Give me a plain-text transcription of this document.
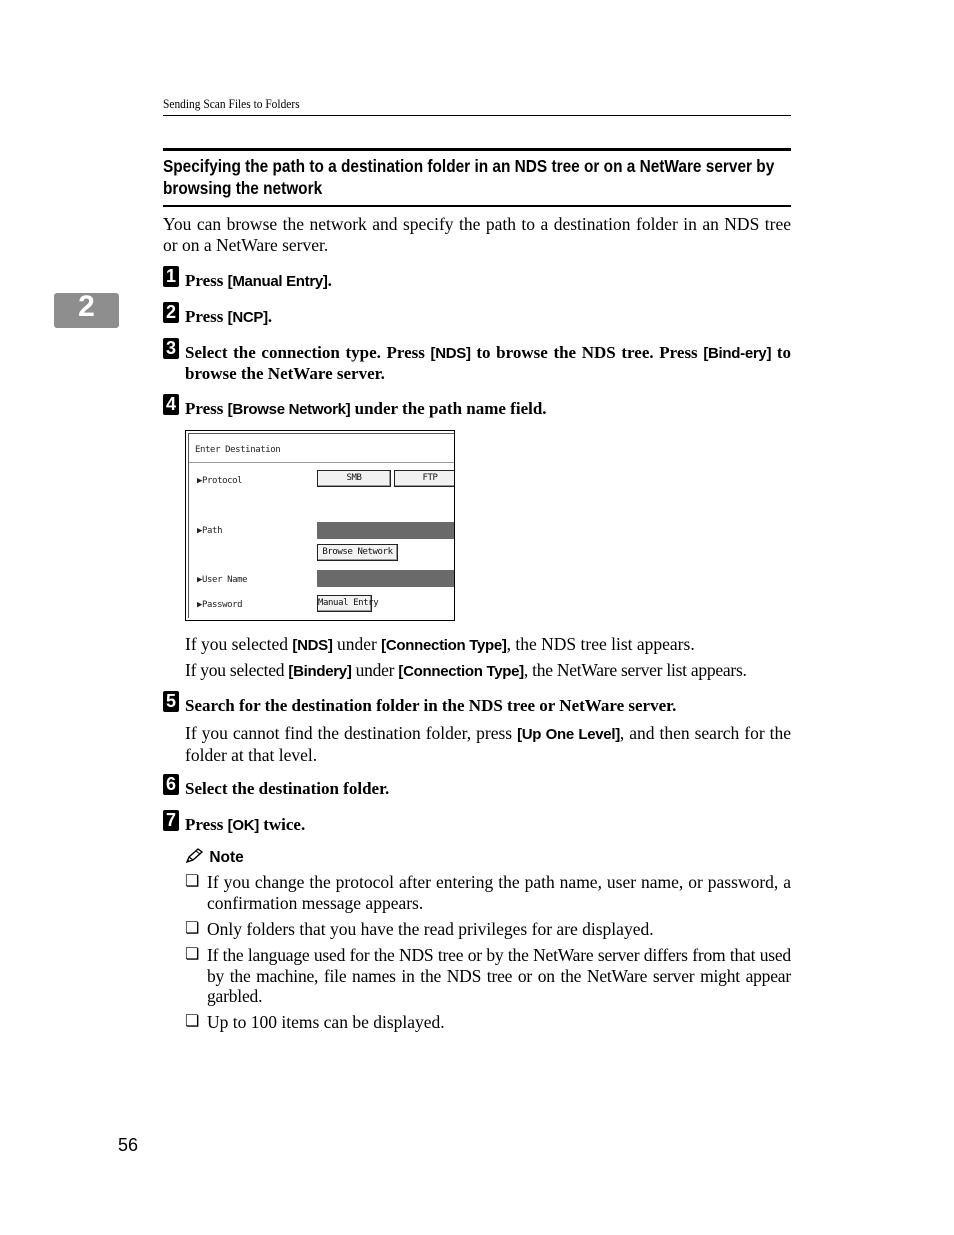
Sending Scan Files to Folders
2
Specifying the path to a destination folder in an NDS tree or on a NetWare server by browsing the network
You can browse the network and specify the path to a destination folder in an NDS tree or on a NetWare server.
1 Press [Manual Entry].
2 Press [NCP].
3 Select the connection type. Press [NDS] to browse the NDS tree. Press [Bind-ery] to browse the NetWare server.
4 Press [Browse Network] under the path name field.
Enter Destination
▶Protocol	SMB	FTP
▶Path
Browse Network
▶User Name
▶Password	Manual Entry
If you selected [NDS] under [Connection Type], the NDS tree list appears.
If you selected [Bindery] under [Connection Type], the NetWare server list appears.
5 Search for the destination folder in the NDS tree or NetWare server.
If you cannot find the destination folder, press [Up One Level], and then search for the folder at that level.
6 Select the destination folder.
7 Press [OK] twice.
Note
❏ If you change the protocol after entering the path name, user name, or password, a confirmation message appears.
❏ Only folders that you have the read privileges for are displayed.
❏ If the language used for the NDS tree or by the NetWare server differs from that used by the machine, file names in the NDS tree or on the NetWare server might appear garbled.
❏ Up to 100 items can be displayed.
56
